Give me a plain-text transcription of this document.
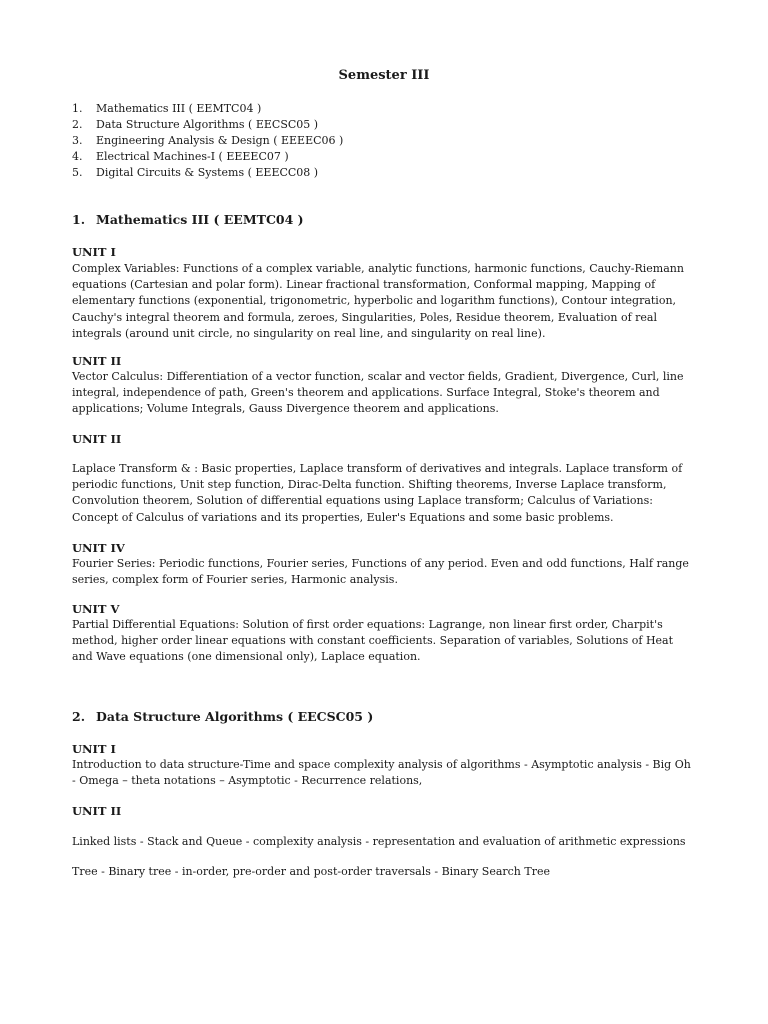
Semester III
1. Mathematics III ( EEMTC04 )
2. Data Structure Algorithms ( EECSC05 )
3. Engineering Analysis & Design ( EEEEC06 )
4. Electrical Machines-I ( EEEEC07 )
5. Digital Circuits & Systems ( EEECC08 )
1. Mathematics III ( EEMTC04 )
UNIT I

Complex Variables: Functions of a complex variable, analytic functions, harmonic functions, Cauchy-Riemann equations (Cartesian and polar form). Linear fractional transformation, Conformal mapping, Mapping of elementary functions (exponential, trigonometric, hyperbolic and logarithm functions), Contour integration, Cauchy's integral theorem and formula, zeroes, Singularities, Poles, Residue theorem, Evaluation of real integrals (around unit circle, no singularity on real line, and singularity on real line).

UNIT II

Vector Calculus: Differentiation of a vector function, scalar and vector fields, Gradient, Divergence, Curl, line integral, independence of path, Green's theorem and applications. Surface Integral, Stoke's theorem and applications; Volume Integrals, Gauss Divergence theorem and applications.

UNIT II

Laplace Transform & : Basic properties, Laplace transform of derivatives and integrals. Laplace transform of periodic functions, Unit step function, Dirac-Delta function. Shifting theorems, Inverse Laplace transform, Convolution theorem, Solution of differential equations using Laplace transform; Calculus of Variations: Concept of Calculus of variations and its properties, Euler's Equations and some basic problems.

UNIT IV

Fourier Series: Periodic functions, Fourier series, Functions of any period. Even and odd functions, Half range series, complex form of Fourier series, Harmonic analysis.

UNIT V

Partial Differential Equations: Solution of first order equations: Lagrange, non linear first order, Charpit's method, higher order linear equations with constant coefficients. Separation of variables, Solutions of Heat and Wave equations (one dimensional only), Laplace equation.

2. Data Structure Algorithms ( EECSC05 )
UNIT I

Introduction to data structure-Time and space complexity analysis of algorithms - Asymptotic analysis - Big Oh - Omega – theta notations – Asymptotic - Recurrence relations,

UNIT II

Linked lists - Stack and Queue - complexity analysis - representation and evaluation of arithmetic expressions

Tree - Binary tree - in-order, pre-order and post-order traversals - Binary Search Tree
